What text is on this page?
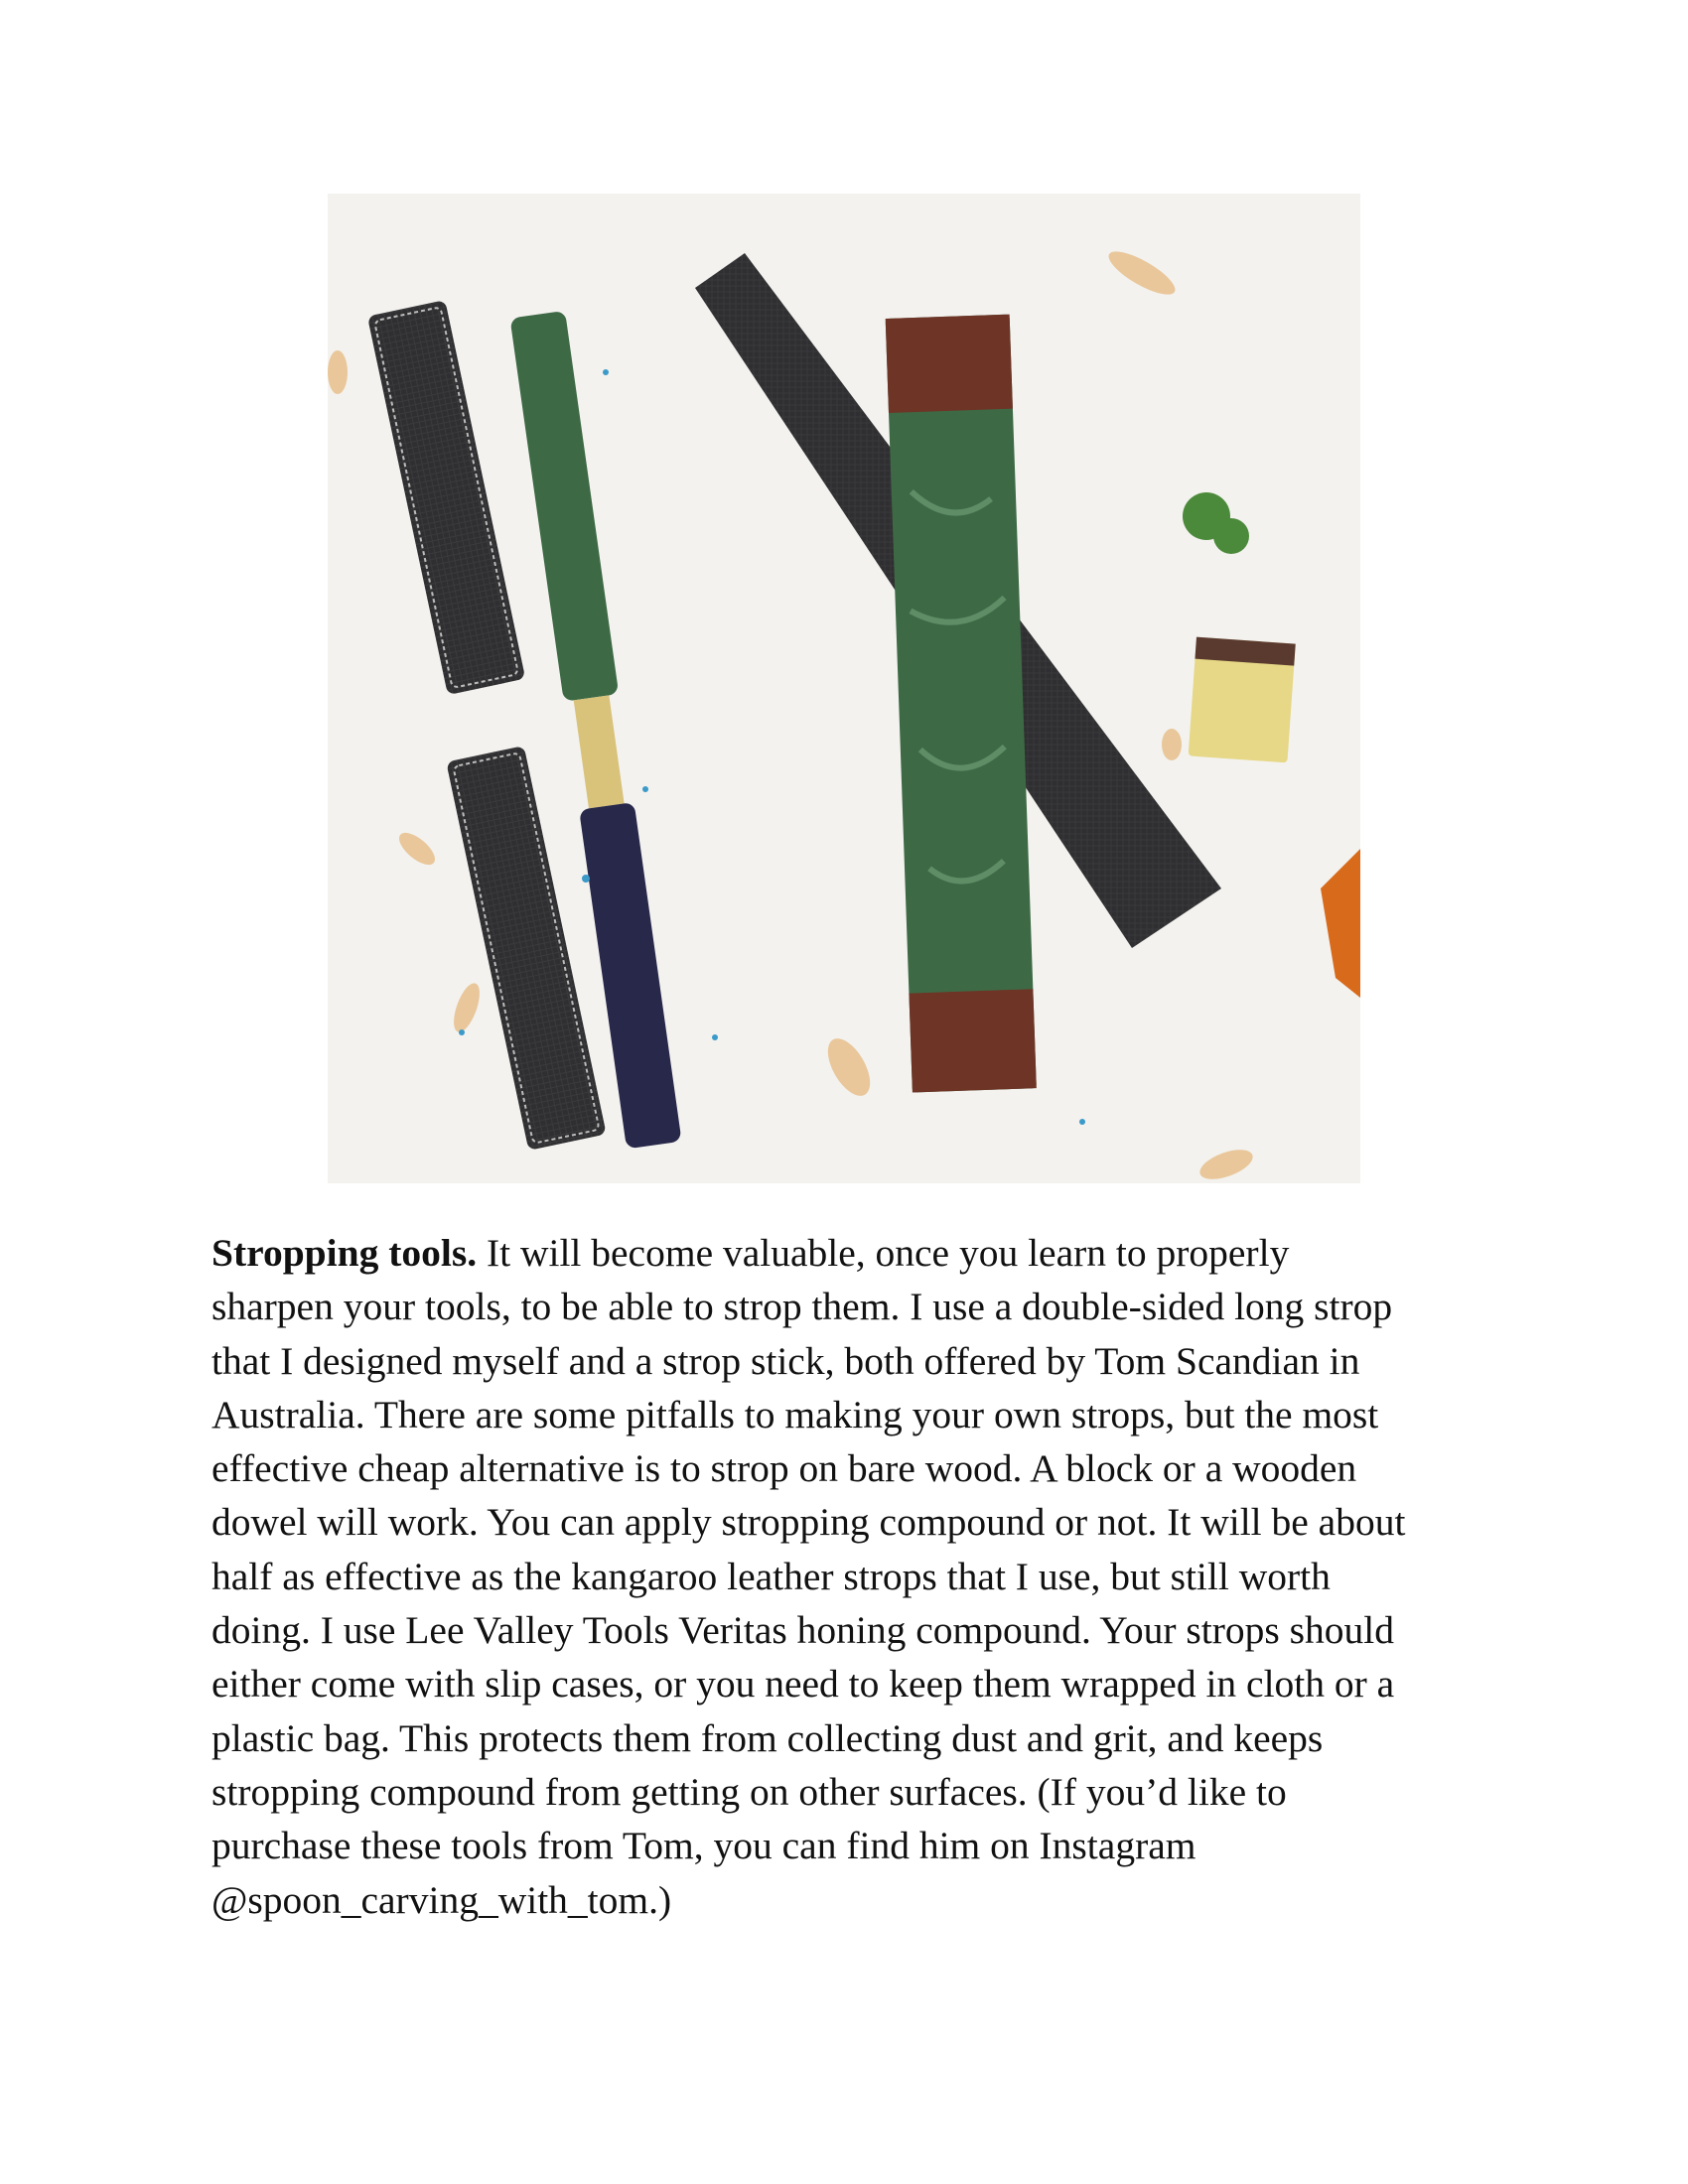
Stropping tools. It will become valuable, once you learn to properly
sharpen your tools, to be able to strop them. I use a double-sided long strop
that I designed myself and a strop stick, both offered by Tom Scandian in
Australia. There are some pitfalls to making your own strops, but the most
effective cheap alternative is to strop on bare wood. A block or a wooden
dowel will work. You can apply stropping compound or not. It will be about
half as effective as the kangaroo leather strops that I use, but still worth
doing. I use Lee Valley Tools Veritas honing compound. Your strops should
either come with slip cases, or you need to keep them wrapped in cloth or a
plastic bag. This protects them from collecting dust and grit, and keeps
stropping compound from getting on other surfaces. (If you’d like to
purchase these tools from Tom, you can find him on Instagram
@spoon_carving_with_tom.)
